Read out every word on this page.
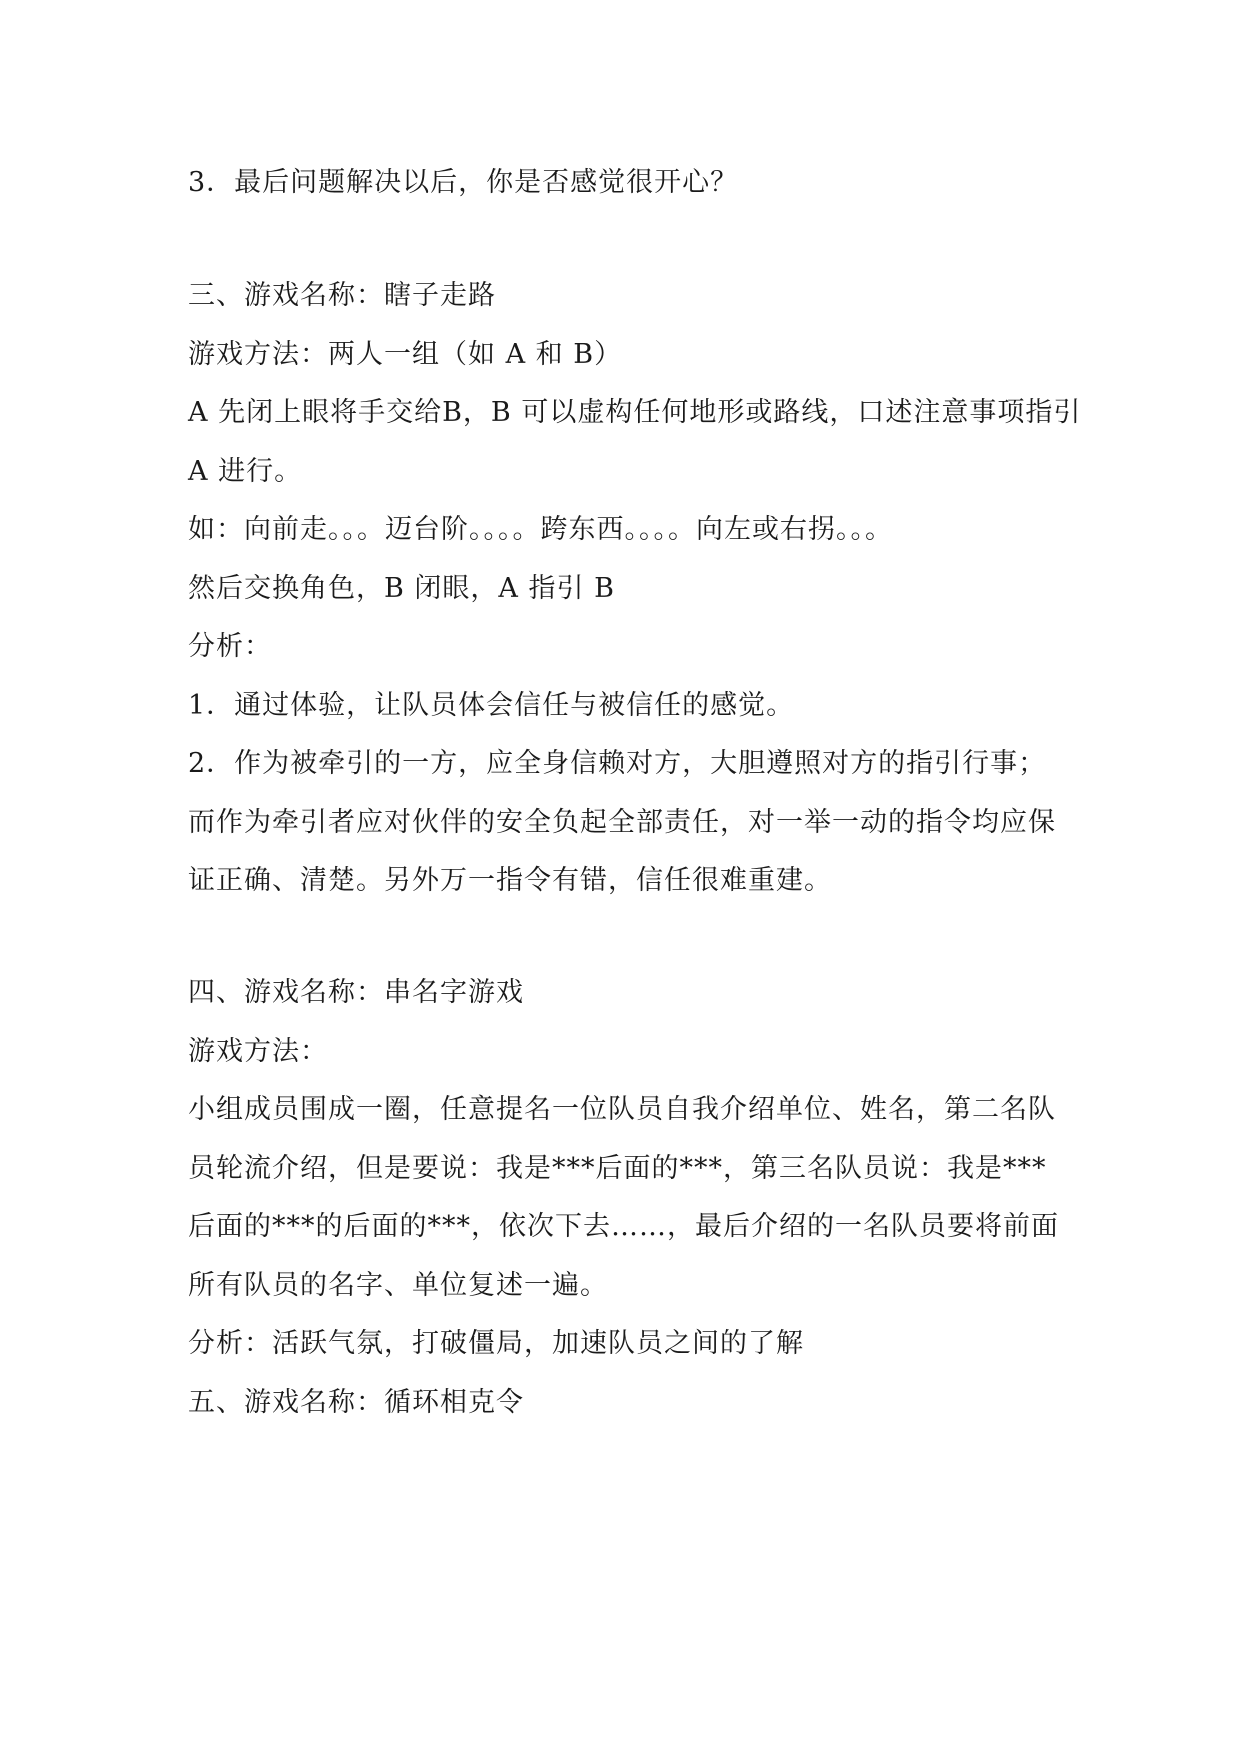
3．最后问题解决以后，你是否感觉很开心？
三、游戏名称：瞎子走路
游戏方法：两人一组（如 A 和 B）
A 先闭上眼将手交给B，B 可以虚构任何地形或路线，口述注意事项指引
A 进行。
如：向前走。。。迈台阶。。。。跨东西。。。。向左或右拐。。。
然后交换角色，B 闭眼，A 指引 B
分析：
1．通过体验，让队员体会信任与被信任的感觉。
2．作为被牵引的一方，应全身信赖对方，大胆遵照对方的指引行事；
而作为牵引者应对伙伴的安全负起全部责任，对一举一动的指令均应保
证正确、清楚。另外万一指令有错，信任很难重建。
四、游戏名称：串名字游戏
游戏方法：
小组成员围成一圈，任意提名一位队员自我介绍单位、姓名，第二名队
员轮流介绍，但是要说：我是***后面的***，第三名队员说：我是***
后面的***的后面的***，依次下去……，最后介绍的一名队员要将前面
所有队员的名字、单位复述一遍。
分析：活跃气氛，打破僵局，加速队员之间的了解
五、游戏名称：循环相克令
